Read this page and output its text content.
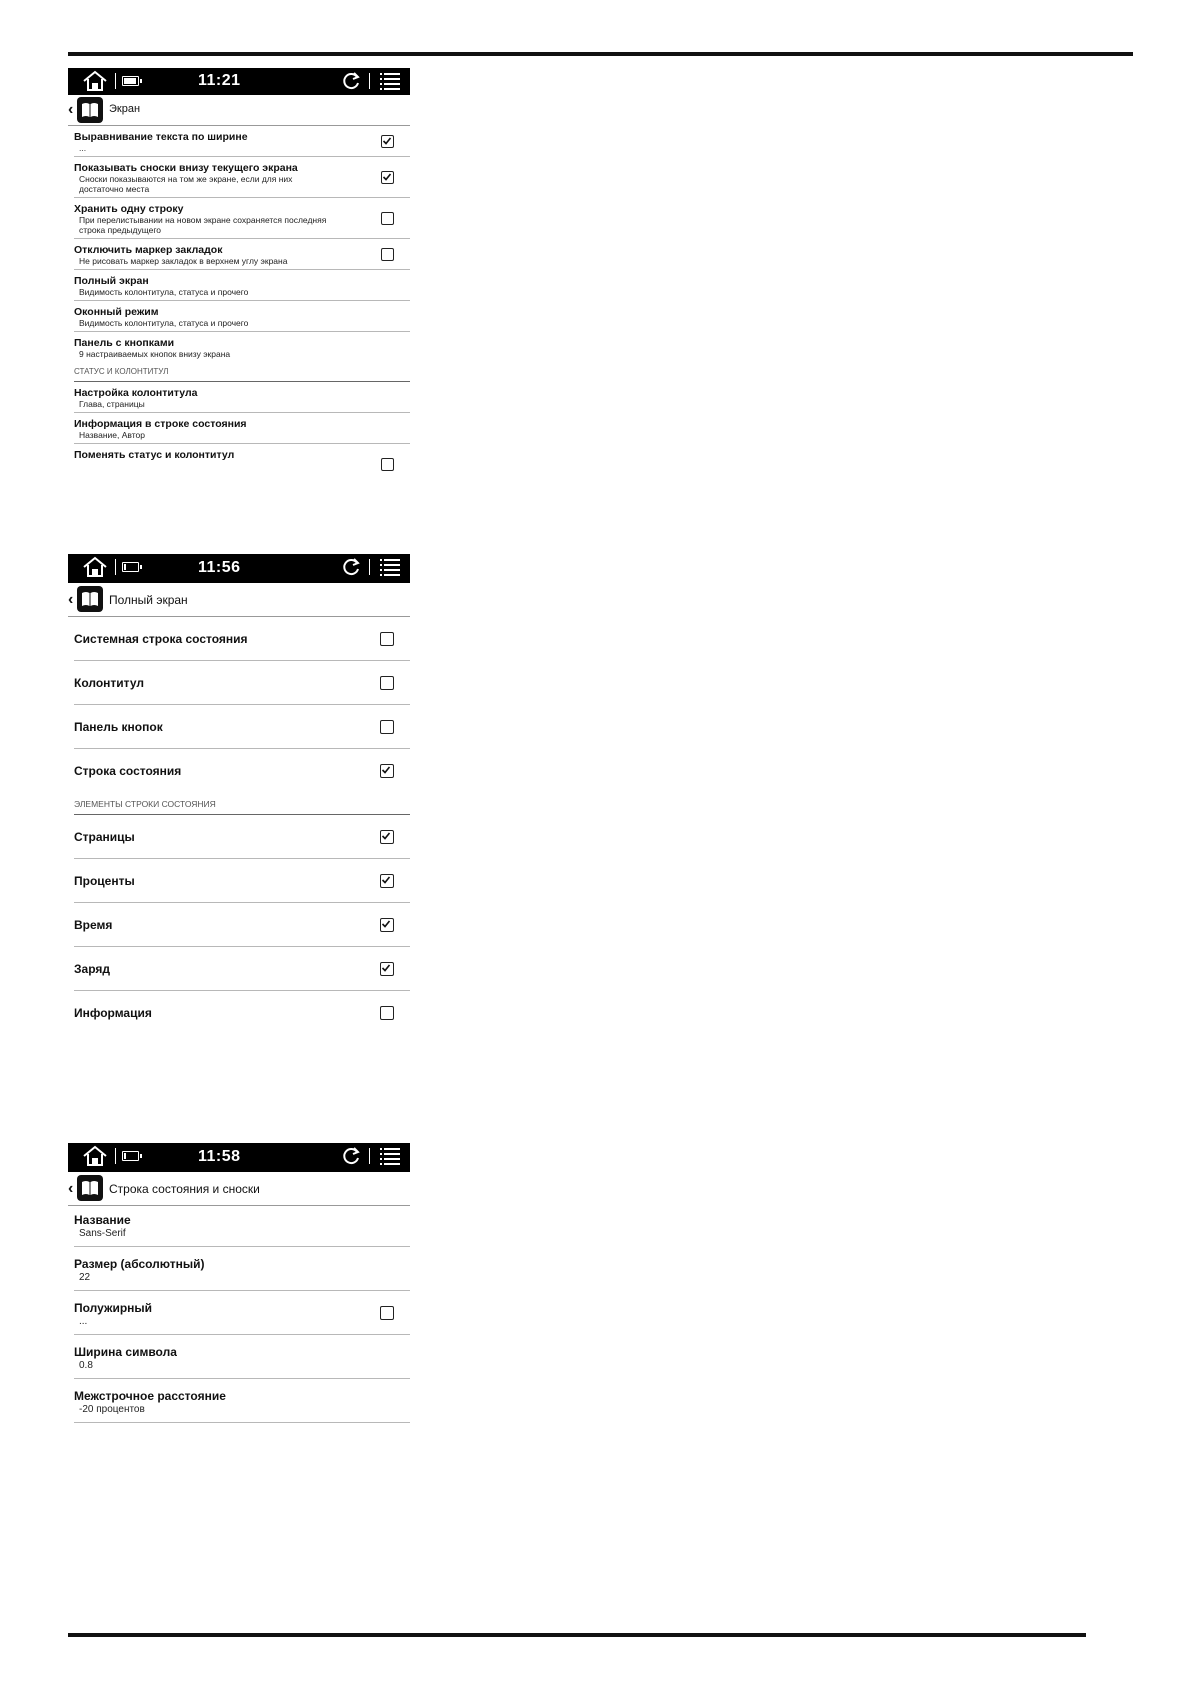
11:21
‹	Экран
Выравнивание текста по ширине
...
Показывать сноски внизу текущего экрана
Сноски показываются на том же экране, если для них достаточно места
Хранить одну строку
При перелистывании на новом экране сохраняется последняя строка предыдущего
Отключить маркер закладок
Не рисовать маркер закладок в верхнем углу экрана
Полный экран
Видимость колонтитула, статуса и прочего
Оконный режим
Видимость колонтитула, статуса и прочего
Панель с кнопками
9 настраиваемых кнопок внизу экрана
СТАТУС И КОЛОНТИТУЛ
Настройка колонтитула
Глава, страницы
Информация в строке состояния
Название, Автор
Поменять статус и колонтитул
11:56
‹	Полный экран
Системная строка состояния
Колонтитул
Панель кнопок
Строка состояния
ЭЛЕМЕНТЫ СТРОКИ СОСТОЯНИЯ
Страницы
Проценты
Время
Заряд
Информация
11:58
‹	Строка состояния и сноски
Название
Sans-Serif
Размер (абсолютный)
22
Полужирный
...
Ширина символа
0.8
Межстрочное расстояние
-20 процентов
